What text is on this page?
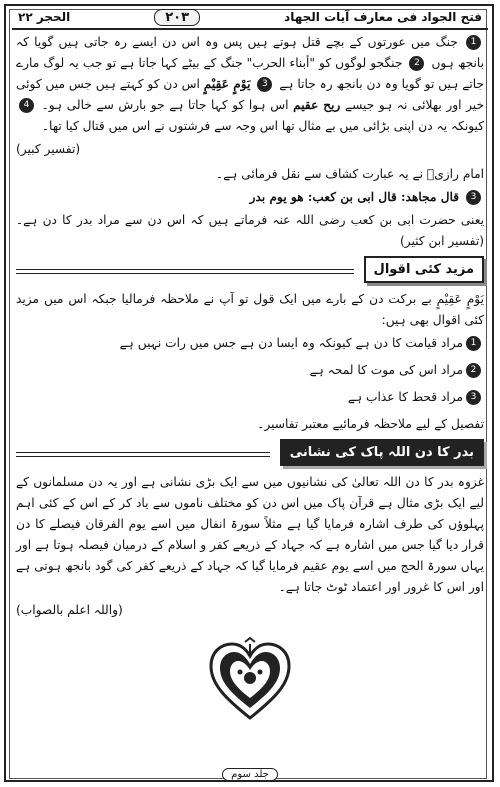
فتح الجواد فی معارف آیات الجهاد
۲۰۳
الحجر ۲۲

1 جنگ میں عورتوں کے بچے قتل ہوتے ہیں پس وہ اس دن ایسے رہ جاتی ہیں گویا کہ بانجھ ہوں 2 جنگجو لوگوں کو "أبناء الحرب" جنگ کے بیٹے کہا جاتا ہے تو جب یہ لوگ مارے جاتے ہیں تو گویا وہ دن بانجھ رہ جاتا ہے 3 يَوْمٍ عَقِيْمٍ اس دن کو کہتے ہیں جس میں کوئی خیر اور بھلائی نہ ہو جیسے ريح عقيم اس ہوا کو کہا جاتا ہے جو بارش سے خالی ہو۔ 4 کیونکہ یہ دن اپنی بڑائی میں بے مثال تھا اس وجہ سے فرشتوں نے اس میں قتال کیا تھا۔

(تفسیر کبیر)

امام رازیؒ نے یہ عبارت کشاف سے نقل فرمائی ہے۔

3 قال مجاهد: قال ابی بن کعب: هو یوم بدر

یعنی حضرت ابی بن کعب رضی اللہ عنہ فرماتے ہیں کہ اس دن سے مراد بدر کا دن ہے۔(تفسیر ابن کثیر)

مزید کئی اقوال

يَوْمٍ عَقِيْمٍ بے برکت دن کے بارے میں ایک قول تو آپ نے ملاحظہ فرمالیا جبکہ اس میں مزید کئی اقوال بھی ہیں:

1
مراد قیامت کا دن ہے کیونکہ وہ ایسا دن ہے جس میں رات نہیں ہے
2
مراد اس کی موت کا لمحہ ہے
3
مراد قحط کا عذاب ہے

تفصیل کے لیے ملاحظہ فرمائیے معتبر تفاسیر۔

بدر کا دن اللہ پاک کی نشانی

غزوہ بدر کا دن اللہ تعالیٰ کی نشانیوں میں سے ایک بڑی نشانی ہے اور یہ دن مسلمانوں کے لیے ایک بڑی مثال ہے قرآن پاک میں اس دن کو مختلف ناموں سے یاد کر کے اس کے کئی اہم پہلوؤں کی طرف اشارہ فرمایا گیا ہے مثلاً سورۃ انفال میں اسے یوم الفرقان فیصلے کا دن قرار دیا گیا جس میں اشارہ ہے کہ جہاد کے ذریعے کفر و اسلام کے درمیان فیصلہ ہوتا ہے اور یہاں سورۃ الحج میں اسے یوم عقیم فرمایا گیا کہ جہاد کے ذریعے کفر کی گود بانجھ ہوتی ہے اور اس کا غرور اور اعتماد ٹوٹ جاتا ہے۔

(واللہ اعلم بالصواب)

جلد سوم
